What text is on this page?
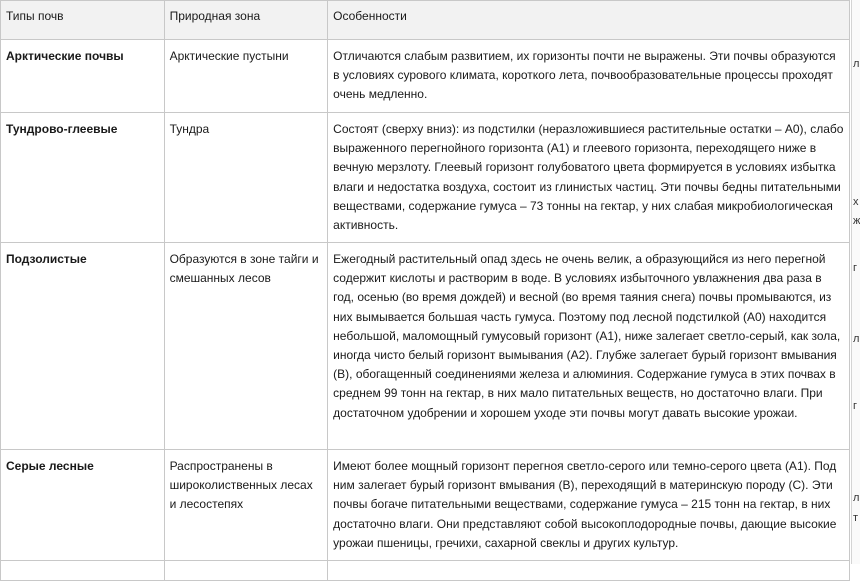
Типы почв	Природная зона	Особенности
Арктические почвы	Арктические пустыни	Отличаются слабым развитием, их горизонты почти не выражены. Эти почвы образуются в условиях сурового климата, короткого лета, почвообразовательные процессы проходят очень медленно.
Тундрово-глеевые	Тундра	Состоят (сверху вниз): из подстилки (неразложившиеся растительные остатки – А0), слабо выраженного перегнойного горизонта (А1) и глеевого горизонта, переходящего ниже в вечную мерзлоту. Глеевый горизонт голубоватого цвета формируется в условиях избытка влаги и недостатка воздуха, состоит из глинистых частиц. Эти почвы бедны питательными веществами, содержание гумуса – 73 тонны на гектар, у них слабая микробиологическая активность.
Подзолистые	Образуются в зоне тайги и смешанных лесов	Ежегодный растительный опад здесь не очень велик, а образующийся из него перегной содержит кислоты и растворим в воде. В условиях избыточного увлажнения два раза в год, осенью (во время дождей) и весной (во время таяния снега) почвы промываются, из них вымывается большая часть гумуса. Поэтому под лесной подстилкой (А0) находится небольшой, маломощный гумусовый горизонт (А1), ниже залегает светло-серый, как зола, иногда чисто белый горизонт вымывания (А2). Глубже залегает бурый горизонт вмывания (В), обогащенный соединениями железа и алюминия. Содержание гумуса в этих почвах в среднем 99 тонн на гектар, в них мало питательных веществ, но достаточно влаги. При достаточном удобрении и хорошем уходе эти почвы могут давать высокие урожаи.
Серые лесные	Распространены в широколиственных лесах и лесостепях	Имеют более мощный горизонт перегноя светло-серого или темно-серого цвета (А1). Под ним залегает бурый горизонт вмывания (В), переходящий в материнскую породу (С). Эти почвы богаче питательными веществами, содержание гумуса – 215 тонн на гектар, в них достаточно влаги. Они представляют собой высокоплодородные почвы, дающие высокие урожаи пшеницы, гречихи, сахарной свеклы и других культур.

л
х
ж
г
л
г
л
т
